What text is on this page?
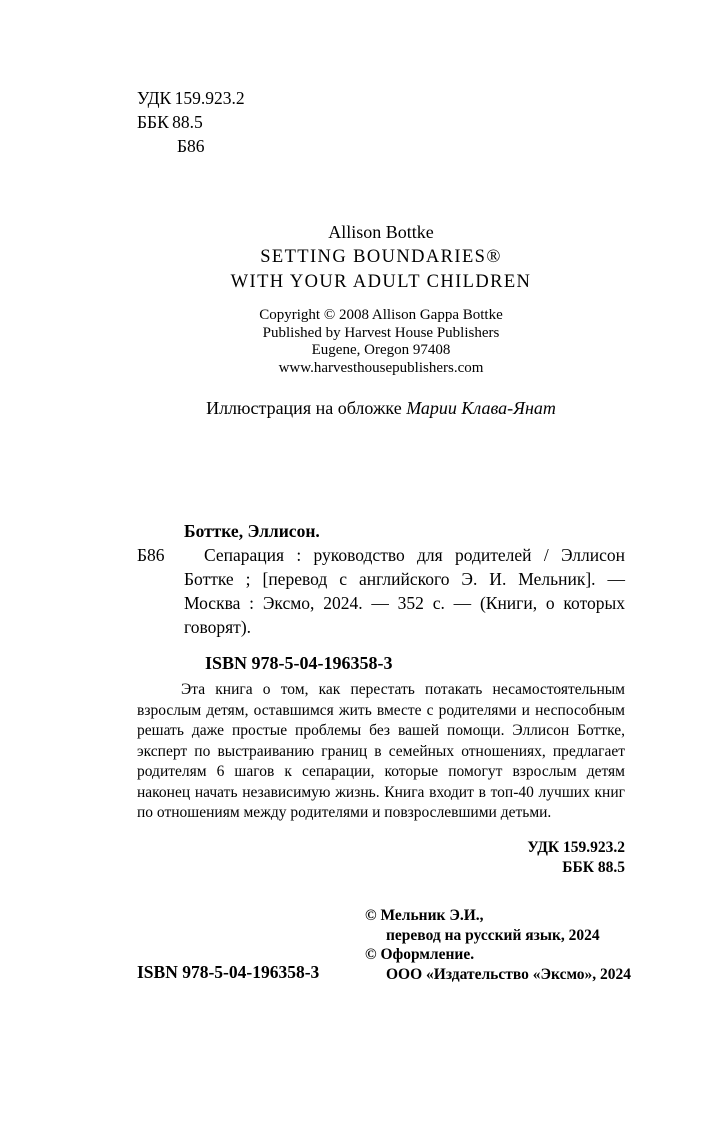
УДК 159.923.2
ББК 88.5
Б86
Allison Bottke
SETTING BOUNDARIES®
WITH YOUR ADULT CHILDREN
Copyright © 2008 Allison Gappa Bottke
Published by Harvest House Publishers
Eugene, Oregon 97408
www.harvesthousepublishers.com
Иллюстрация на обложке Марии Клава-Янат
Боттке, Эллисон.
Б86	Сепарация : руководство для родителей / Эллисон Боттке ; [перевод с английского Э. И. Мельник]. — Москва : Эксмо, 2024. — 352 с. — (Книги, о которых говорят).

ISBN 978-5-04-196358-3

Эта книга о том, как перестать потакать несамостоятельным взрослым детям, оставшимся жить вместе с родителями и неспособным решать даже простые проблемы без вашей помощи. Эллисон Боттке, эксперт по выстраиванию границ в семейных отношениях, предлагает родителям 6 шагов к сепарации, которые помогут взрослым детям наконец начать независимую жизнь. Книга входит в топ-40 лучших книг по отношениям между родителями и повзрослевшими детьми.

УДК 159.923.2
ББК 88.5
© Мельник Э.И.,
перевод на русский язык, 2024
© Оформление.
ООО «Издательство «Эксмо», 2024
ISBN 978-5-04-196358-3
